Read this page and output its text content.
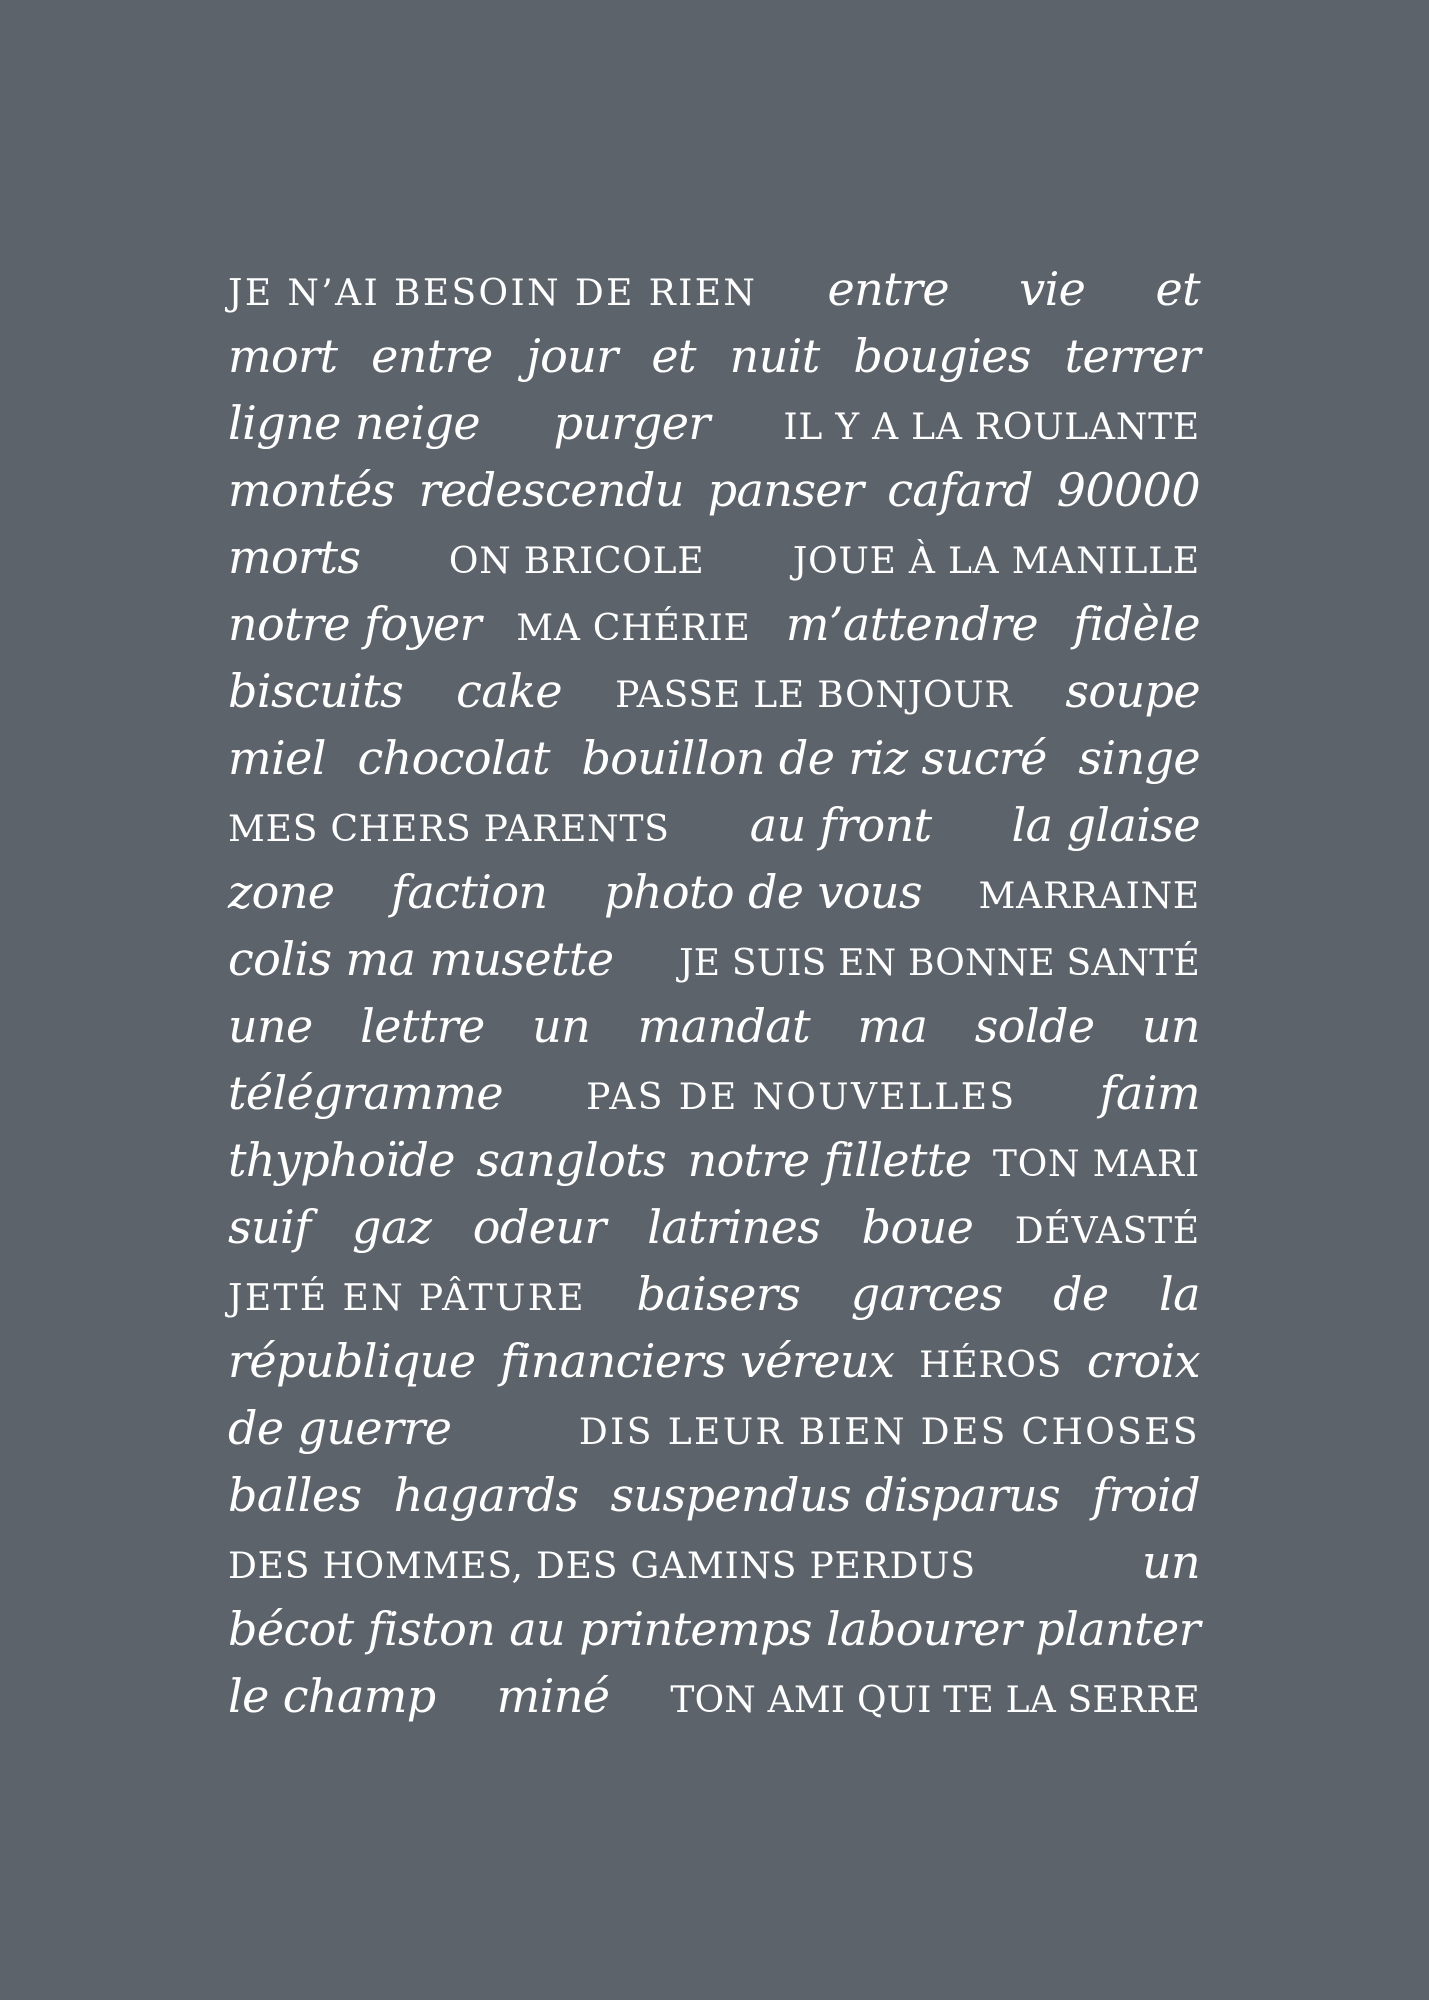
JE N’AI BESOIN DE RIEN entre vie et
mort entre jour et nuit bougies terrer
ligne neige purger IL Y A LA ROULANTE
montés redescendu panser cafard 90000
morts ON BRICOLE JOUE À LA MANILLE
notre foyer MA CHÉRIE m’attendre fidèle
biscuits cake PASSE LE BONJOUR soupe
miel chocolat bouillon de riz sucré singe
MES CHERS PARENTS au front la glaise
zone faction photo de vous MARRAINE
colis ma musette JE SUIS EN BONNE SANTÉ
une lettre un mandat ma solde un
télégramme PAS DE NOUVELLES faim
thyphoïde sanglots notre fillette TON MARI
suif gaz odeur latrines boue DÉVASTÉ
JETÉ EN PÂTURE baisers garces de la
république financiers véreux HÉROS croix
de guerre	DIS LEUR BIEN DES CHOSES
balles hagards suspendus disparus froid
DES HOMMES, DES GAMINS PERDUS	un
bécot fiston au printemps labourer planter
le champ miné TON AMI QUI TE LA SERRE
